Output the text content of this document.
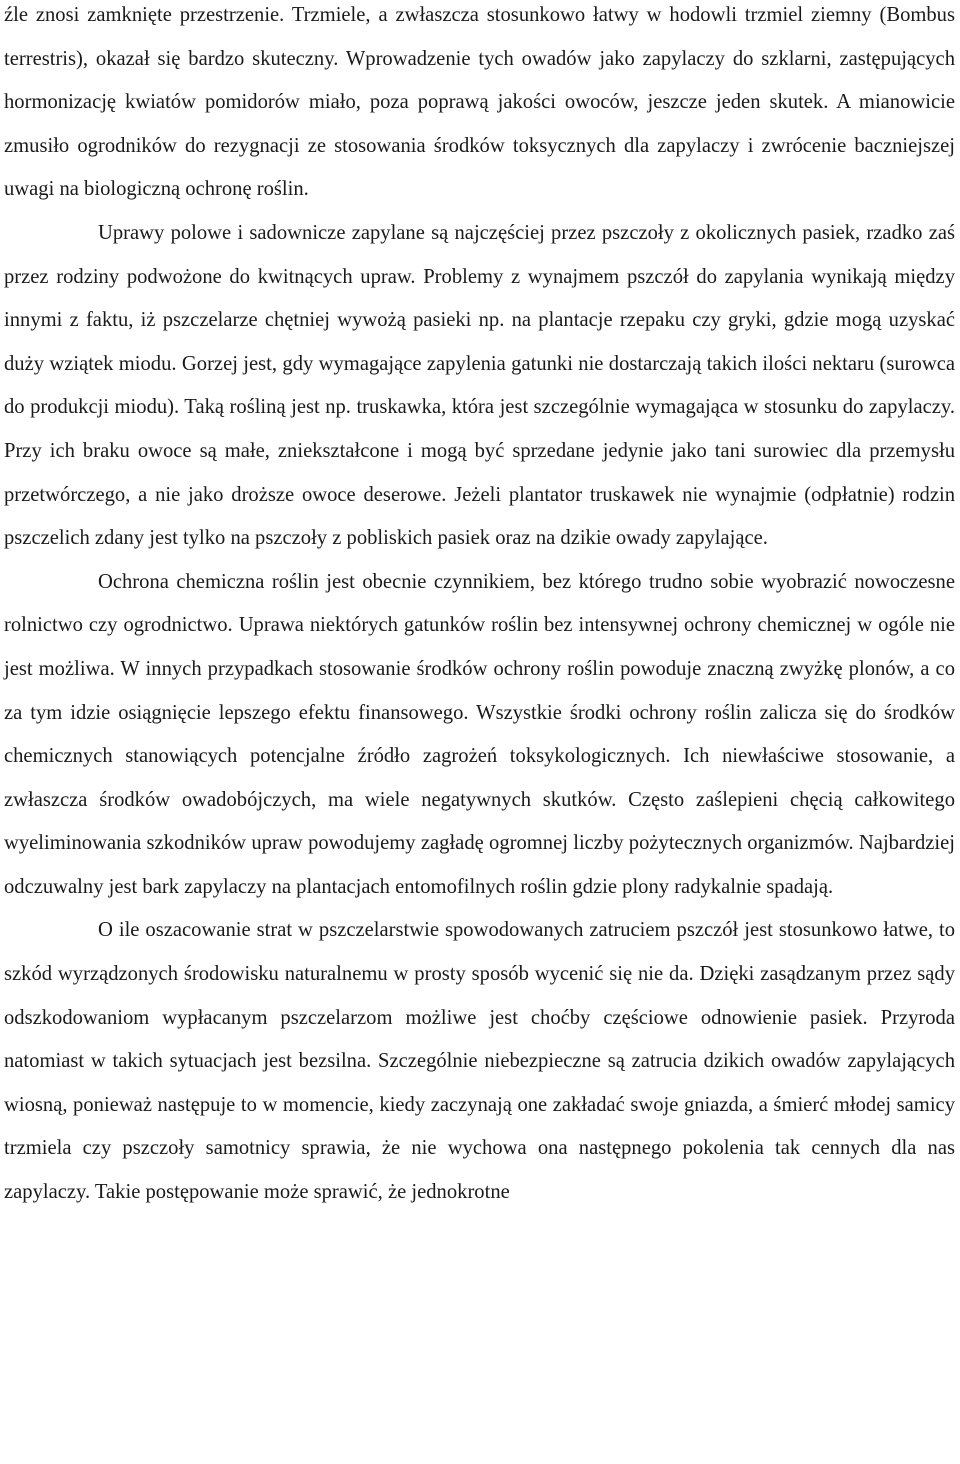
źle znosi zamknięte przestrzenie. Trzmiele, a zwłaszcza stosunkowo łatwy w hodowli trzmiel ziemny (Bombus terrestris), okazał się bardzo skuteczny. Wprowadzenie tych owadów jako zapylaczy do szklarni, zastępujących hormonizację kwiatów pomidorów miało, poza poprawą jakości owoców, jeszcze jeden skutek. A mianowicie zmusiło ogrodników do rezygnacji ze stosowania środków toksycznych dla zapylaczy i zwrócenie baczniejszej uwagi na biologiczną ochronę roślin.

Uprawy polowe i sadownicze zapylane są najczęściej przez pszczoły z okolicznych pasiek, rzadko zaś przez rodziny podwożone do kwitnących upraw. Problemy z wynajmem pszczół do zapylania wynikają między innymi z faktu, iż pszczelarze chętniej wywożą pasieki np. na plantacje rzepaku czy gryki, gdzie mogą uzyskać duży wziątek miodu. Gorzej jest, gdy wymagające zapylenia gatunki nie dostarczają takich ilości nektaru (surowca do produkcji miodu). Taką rośliną jest np. truskawka, która jest szczególnie wymagająca w stosunku do zapylaczy. Przy ich braku owoce są małe, zniekształcone i mogą być sprzedane jedynie jako tani surowiec dla przemysłu przetwórczego, a nie jako droższe owoce deserowe. Jeżeli plantator truskawek nie wynajmie (odpłatnie) rodzin pszczelich zdany jest tylko na pszczoły z pobliskich pasiek oraz na dzikie owady zapylające.

Ochrona chemiczna roślin jest obecnie czynnikiem, bez którego trudno sobie wyobrazić nowoczesne rolnictwo czy ogrodnictwo. Uprawa niektórych gatunków roślin bez intensywnej ochrony chemicznej w ogóle nie jest możliwa. W innych przypadkach stosowanie środków ochrony roślin powoduje znaczną zwyżkę plonów, a co za tym idzie osiągnięcie lepszego efektu finansowego. Wszystkie środki ochrony roślin zalicza się do środków chemicznych stanowiących potencjalne źródło zagrożeń toksykologicznych. Ich niewłaściwe stosowanie, a zwłaszcza środków owadobójczych, ma wiele negatywnych skutków. Często zaślepieni chęcią całkowitego wyeliminowania szkodników upraw powodujemy zagładę ogromnej liczby pożytecznych organizmów. Najbardziej odczuwalny jest bark zapylaczy na plantacjach entomofilnych roślin gdzie plony radykalnie spadają.

O ile oszacowanie strat w pszczelarstwie spowodowanych zatruciem pszczół jest stosunkowo łatwe, to szkód wyrządzonych środowisku naturalnemu w prosty sposób wycenić się nie da. Dzięki zasądzanym przez sądy odszkodowaniom wypłacanym pszczelarzom możliwe jest choćby częściowe odnowienie pasiek. Przyroda natomiast w takich sytuacjach jest bezsilna. Szczególnie niebezpieczne są zatrucia dzikich owadów zapylających wiosną, ponieważ następuje to w momencie, kiedy zaczynają one zakładać swoje gniazda, a śmierć młodej samicy trzmiela czy pszczoły samotnicy sprawia, że nie wychowa ona następnego pokolenia tak cennych dla nas zapylaczy. Takie postępowanie może sprawić, że jednokrotne
